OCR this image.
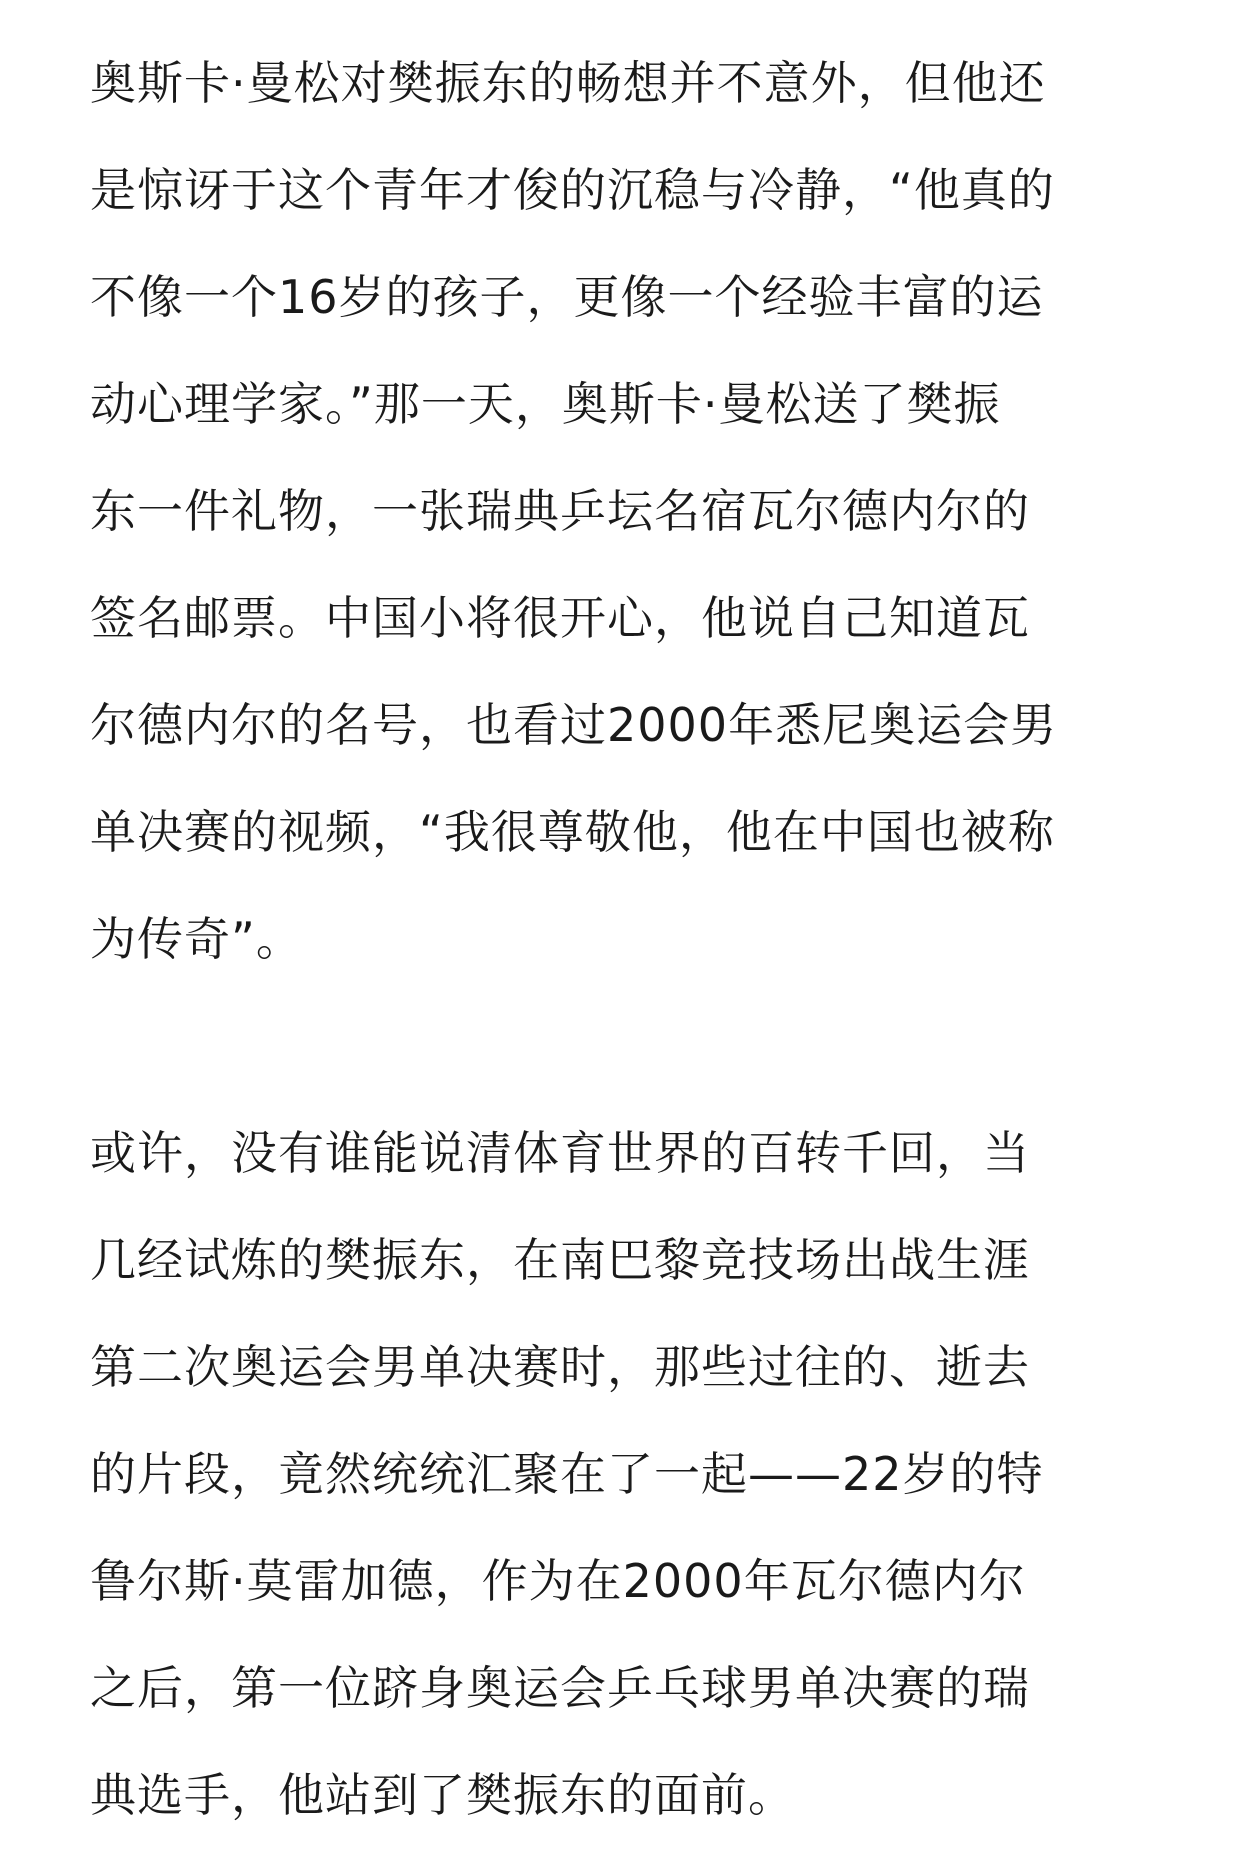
奥斯卡·曼松对樊振东的畅想并不意外，但他还
是惊讶于这个青年才俊的沉稳与冷静，“他真的
不像一个16岁的孩子，更像一个经验丰富的运
动心理学家。”那一天，奥斯卡·曼松送了樊振
东一件礼物，一张瑞典乒坛名宿瓦尔德内尔的
签名邮票。中国小将很开心，他说自己知道瓦
尔德内尔的名号，也看过2000年悉尼奥运会男
单决赛的视频，“我很尊敬他，他在中国也被称
为传奇”。

或许，没有谁能说清体育世界的百转千回，当
几经试炼的樊振东，在南巴黎竞技场出战生涯
第二次奥运会男单决赛时，那些过往的、逝去
的片段，竟然统统汇聚在了一起——22岁的特
鲁尔斯·莫雷加德，作为在2000年瓦尔德内尔
之后，第一位跻身奥运会乒乓球男单决赛的瑞
典选手，他站到了樊振东的面前。
